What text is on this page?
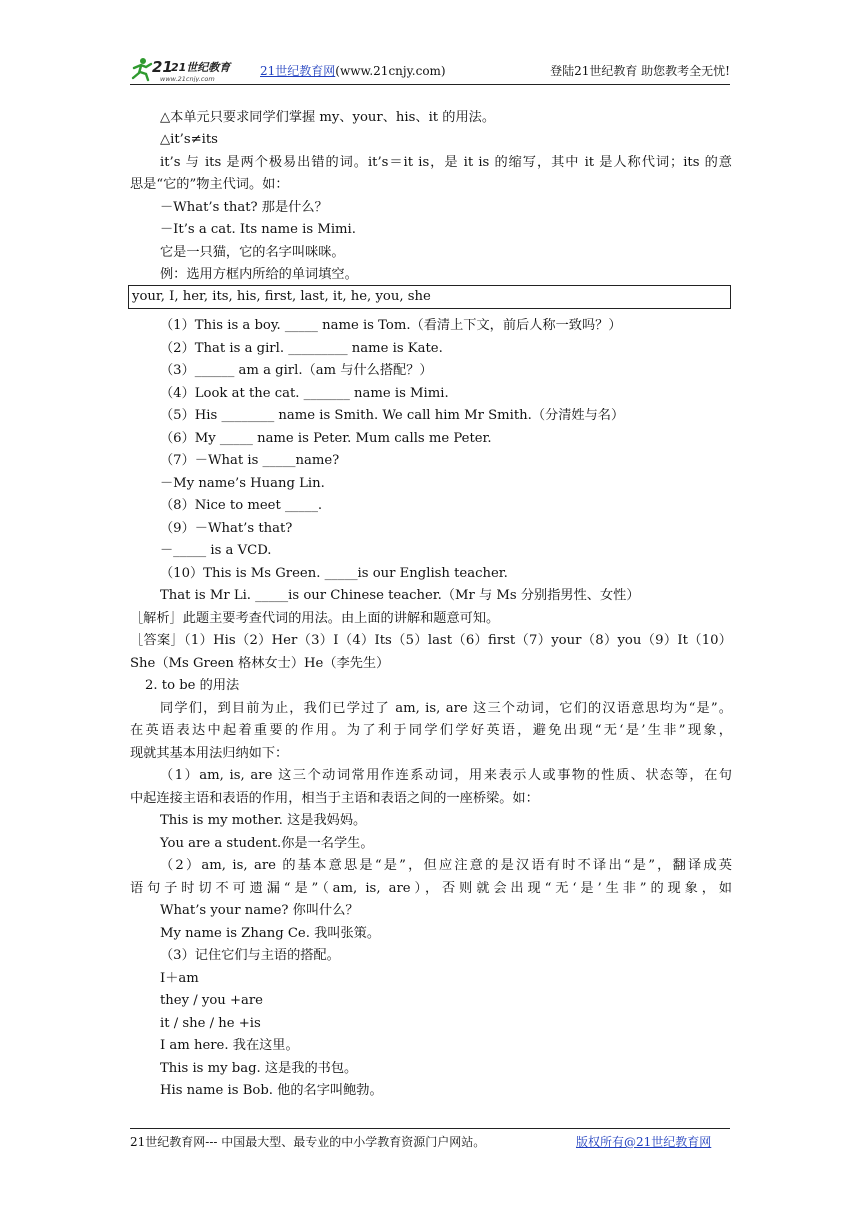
21
21世纪教育
www.21cnjy.com
21世纪教育网(www.21cnjy.com)	登陆21世纪教育 助您教考全无忧!
△本单元只要求同学们掌握 my、your、his、it 的用法。
△it’s≠its
it’s 与 its 是两个极易出错的词。it’s＝it is，是 it is 的缩写，其中 it 是人称代词；its 的意
思是“它的”物主代词。如：
－What’s that? 那是什么？
－It’s a cat. Its name is Mimi.
它是一只猫，它的名字叫咪咪。
例：选用方框内所给的单词填空。
your, I, her, its, his, first, last, it, he, you, she
（1）This is a boy. _____ name is Tom.（看清上下文，前后人称一致吗？）
（2）That is a girl. _________ name is Kate.
（3）______ am a girl.（am 与什么搭配？）
（4）Look at the cat. _______ name is Mimi.
（5）His ________ name is Smith. We call him Mr Smith.（分清姓与名）
（6）My _____ name is Peter. Mum calls me Peter.
（7）－What is _____name?
－My name’s Huang Lin.
（8）Nice to meet _____.
（9）－What’s that?
－_____ is a VCD.
（10）This is Ms Green. _____is our English teacher.
That is Mr Li. _____is our Chinese teacher.（Mr 与 Ms 分别指男性、女性）
［解析］此题主要考查代词的用法。由上面的讲解和题意可知。
［答案］（1）His（2）Her（3）I（4）Its（5）last（6）first（7）your（8）you（9）It（10）
She（Ms Green 格林女士）He（李先生）
2. to be 的用法
同学们，到目前为止，我们已学过了 am, is, are 这三个动词，它们的汉语意思均为“是”。
在英语表达中起着重要的作用。为了利于同学们学好英语，避免出现“无‘是’生非”现象，
现就其基本用法归纳如下：
（1）am, is, are 这三个动词常用作连系动词，用来表示人或事物的性质、状态等，在句
中起连接主语和表语的作用，相当于主语和表语之间的一座桥梁。如：
This is my mother. 这是我妈妈。
You are a student.你是一名学生。
（2）am, is, are 的基本意思是“是”，但应注意的是汉语有时不译出“是”，翻译成英
语句子时切不可遗漏“是”（am, is, are），否则就会出现“无‘是’生非”的现象，如
What’s your name? 你叫什么？
My name is Zhang Ce. 我叫张策。
（3）记住它们与主语的搭配。
I＋am
they / you +are
it / she / he +is
I am here. 我在这里。
This is my bag. 这是我的书包。
His name is Bob. 他的名字叫鲍勃。
21世纪教育网--- 中国最大型、最专业的中小学教育资源门户网站。	版权所有@21世纪教育网
